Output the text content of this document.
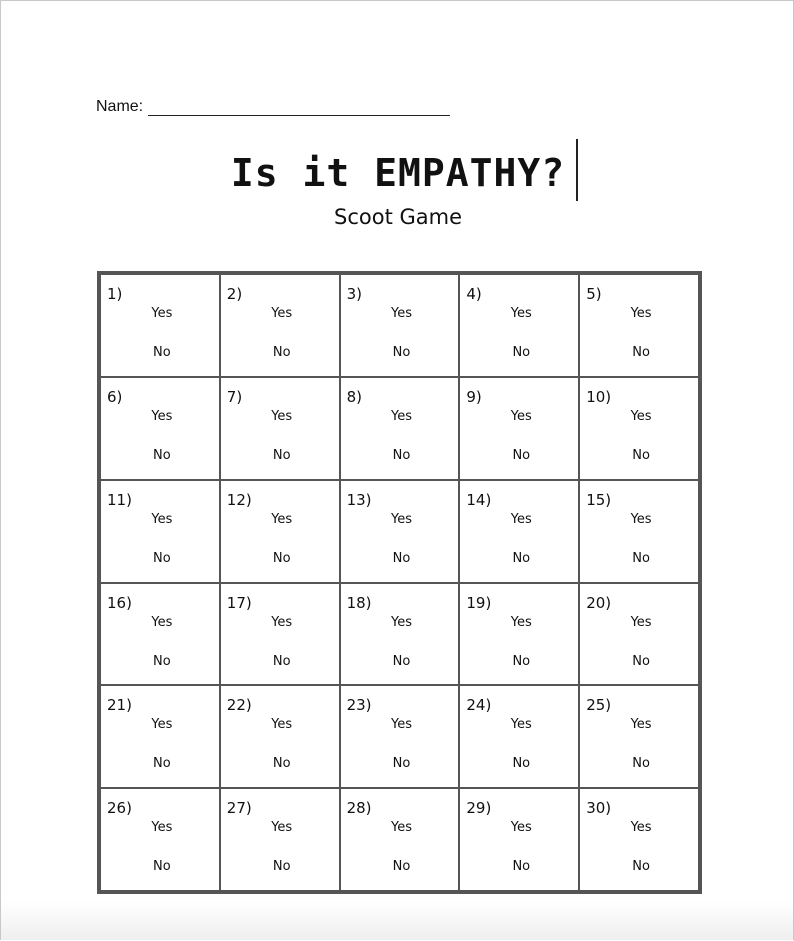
Name:
Is it EMPATHY?
Scoot Game
1)
Yes
No
2)
Yes
No
3)
Yes
No
4)
Yes
No
5)
Yes
No
6)
Yes
No
7)
Yes
No
8)
Yes
No
9)
Yes
No
10)
Yes
No
11)
Yes
No
12)
Yes
No
13)
Yes
No
14)
Yes
No
15)
Yes
No
16)
Yes
No
17)
Yes
No
18)
Yes
No
19)
Yes
No
20)
Yes
No
21)
Yes
No
22)
Yes
No
23)
Yes
No
24)
Yes
No
25)
Yes
No
26)
Yes
No
27)
Yes
No
28)
Yes
No
29)
Yes
No
30)
Yes
No
